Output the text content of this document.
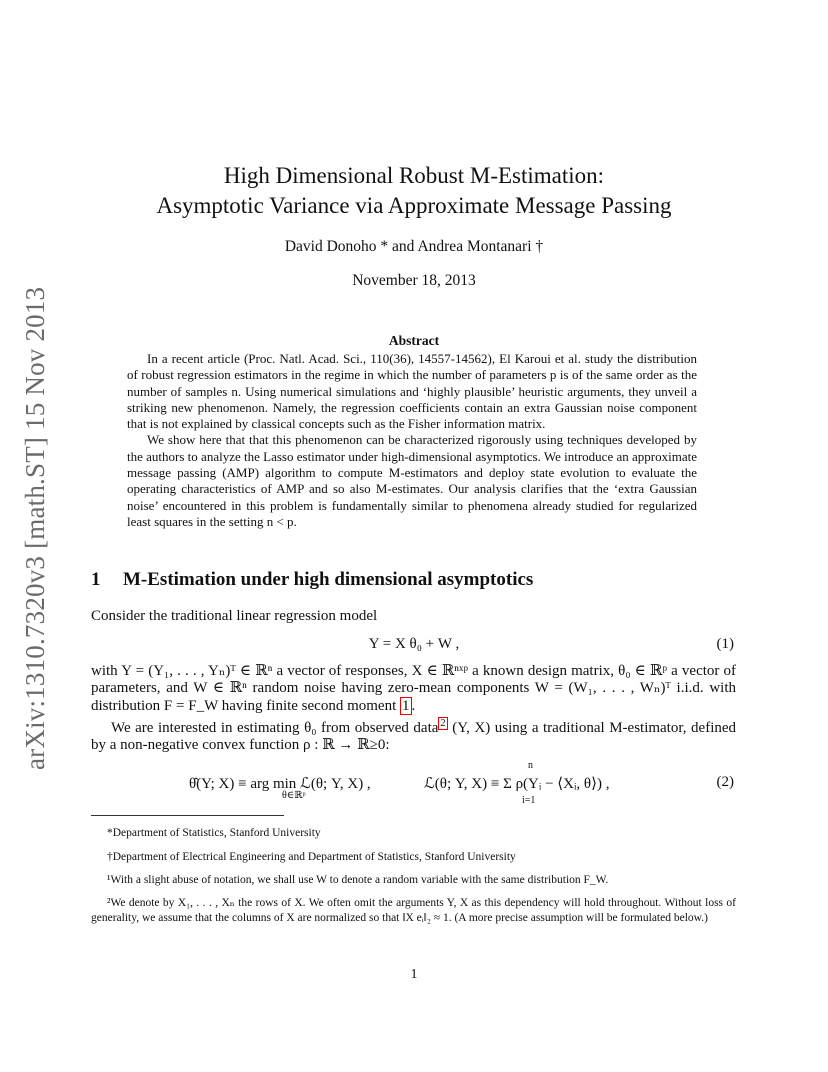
arXiv:1310.7320v3 [math.ST] 15 Nov 2013
High Dimensional Robust M-Estimation:
Asymptotic Variance via Approximate Message Passing
David Donoho * and Andrea Montanari †
November 18, 2013
Abstract

In a recent article (Proc. Natl. Acad. Sci., 110(36), 14557-14562), El Karoui et al. study the distribution of robust regression estimators in the regime in which the number of parameters p is of the same order as the number of samples n. Using numerical simulations and ‘highly plausible’ heuristic arguments, they unveil a striking new phenomenon. Namely, the regression coefficients contain an extra Gaussian noise component that is not explained by classical concepts such as the Fisher information matrix.

We show here that that this phenomenon can be characterized rigorously using techniques developed by the authors to analyze the Lasso estimator under high-dimensional asymptotics. We introduce an approximate message passing (AMP) algorithm to compute M-estimators and deploy state evolution to evaluate the operating characteristics of AMP and so also M-estimates. Our analysis clarifies that the ‘extra Gaussian noise’ encountered in this problem is fundamentally similar to phenomena already studied for regularized least squares in the setting n < p.

1 M-Estimation under high dimensional asymptotics
Consider the traditional linear regression model
Y = X θ₀ + W ,	(1)

with Y = (Y₁, . . . , Yₙ)ᵀ ∈ ℝⁿ a vector of responses, X ∈ ℝⁿˣᵖ a known design matrix, θ₀ ∈ ℝᵖ a vector of parameters, and W ∈ ℝⁿ random noise having zero-mean components W = (W₁, . . . , Wₙ)ᵀ i.i.d. with distribution F = F_W having finite second moment 1 .

We are interested in estimating θ₀ from observed data $^2$ (Y, X) using a traditional M-estimator, defined by a non-negative convex function ρ : ℝ → ℝ≥0:

θ̂(Y; X) ≡ arg min ℒ(θ; Y, X) ,
θ∈ℝᵖ
ℒ(θ; Y, X) ≡ Σ ρ(Yᵢ − ⟨Xᵢ, θ⟩) ,
n
i=1
(2)

*Department of Statistics, Stanford University

†Department of Electrical Engineering and Department of Statistics, Stanford University

¹With a slight abuse of notation, we shall use W to denote a random variable with the same distribution F_W.

²We denote by X₁, . . . , Xₙ the rows of X. We often omit the arguments Y, X as this dependency will hold throughout. Without loss of generality, we assume that the columns of X are normalized so that ‖X eᵢ‖₂ ≈ 1. (A more precise assumption will be formulated below.)

1
